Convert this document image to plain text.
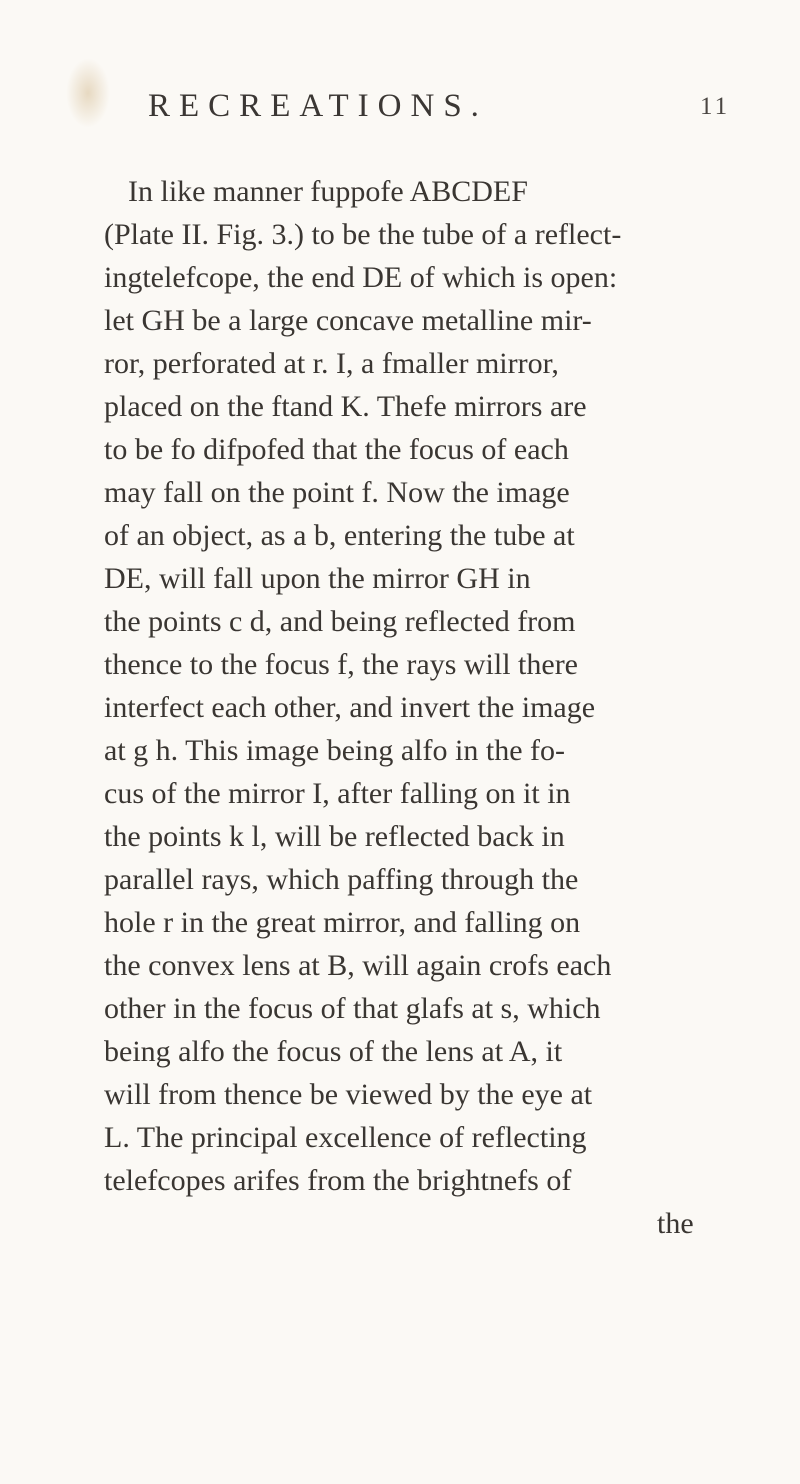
RECREATIONS.	11
In like manner fuppofe ABCDEF
(Plate II. Fig. 3.) to be the tube of a reflect-
ingtelefcope, the end DE of which is open:
let GH be a large concave metalline mir-
ror, perforated at r. I, a fmaller mirror,
placed on the ftand K. Thefe mirrors are
to be fo difpofed that the focus of each
may fall on the point f. Now the image
of an object, as a b, entering the tube at
DE, will fall upon the mirror GH in
the points c d, and being reflected from
thence to the focus f, the rays will there
interfect each other, and invert the image
at g h. This image being alfo in the fo-
cus of the mirror I, after falling on it in
the points k l, will be reflected back in
parallel rays, which paffing through the
hole r in the great mirror, and falling on
the convex lens at B, will again crofs each
other in the focus of that glafs at s, which
being alfo the focus of the lens at A, it
will from thence be viewed by the eye at
L. The principal excellence of reflecting
telefcopes arifes from the brightnefs of
the
